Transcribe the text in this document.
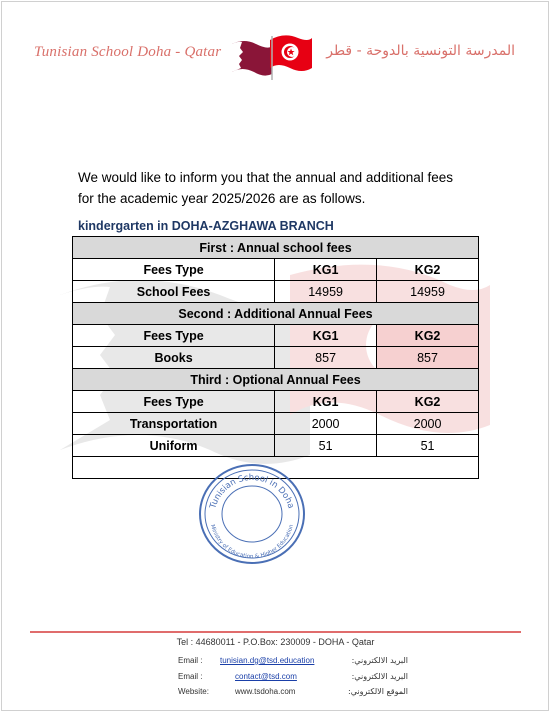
Tunisian School Doha - Qatar	المدرسة التونسية بالدوحة - قطر
We would like to inform you that the annual and additional fees
for the academic year 2025/2026 are as follows.
kindergarten in DOHA-AZGHAWA BRANCH
First : Annual school fees		
Fees Type	KG1	KG2
School Fees	14959	14959
Second : Additional Annual Fees		
Fees Type	KG1	KG2
Books	857	857
Third : Optional Annual Fees		
Fees Type	KG1	KG2
Transportation	2000	2000
Uniform	51	51

Tunisian School in Doha
Ministry of Education & Higher Education
Tel : 44680011 - P.O.Box: 230009 - DOHA - Qatar
Email : tunisian.dg@tsd.education	البريد الالكتروني:
Email :	contact@tsd.com	البريد الالكتروني:
Website:	www.tsdoha.com	الموقع الالكتروني:
